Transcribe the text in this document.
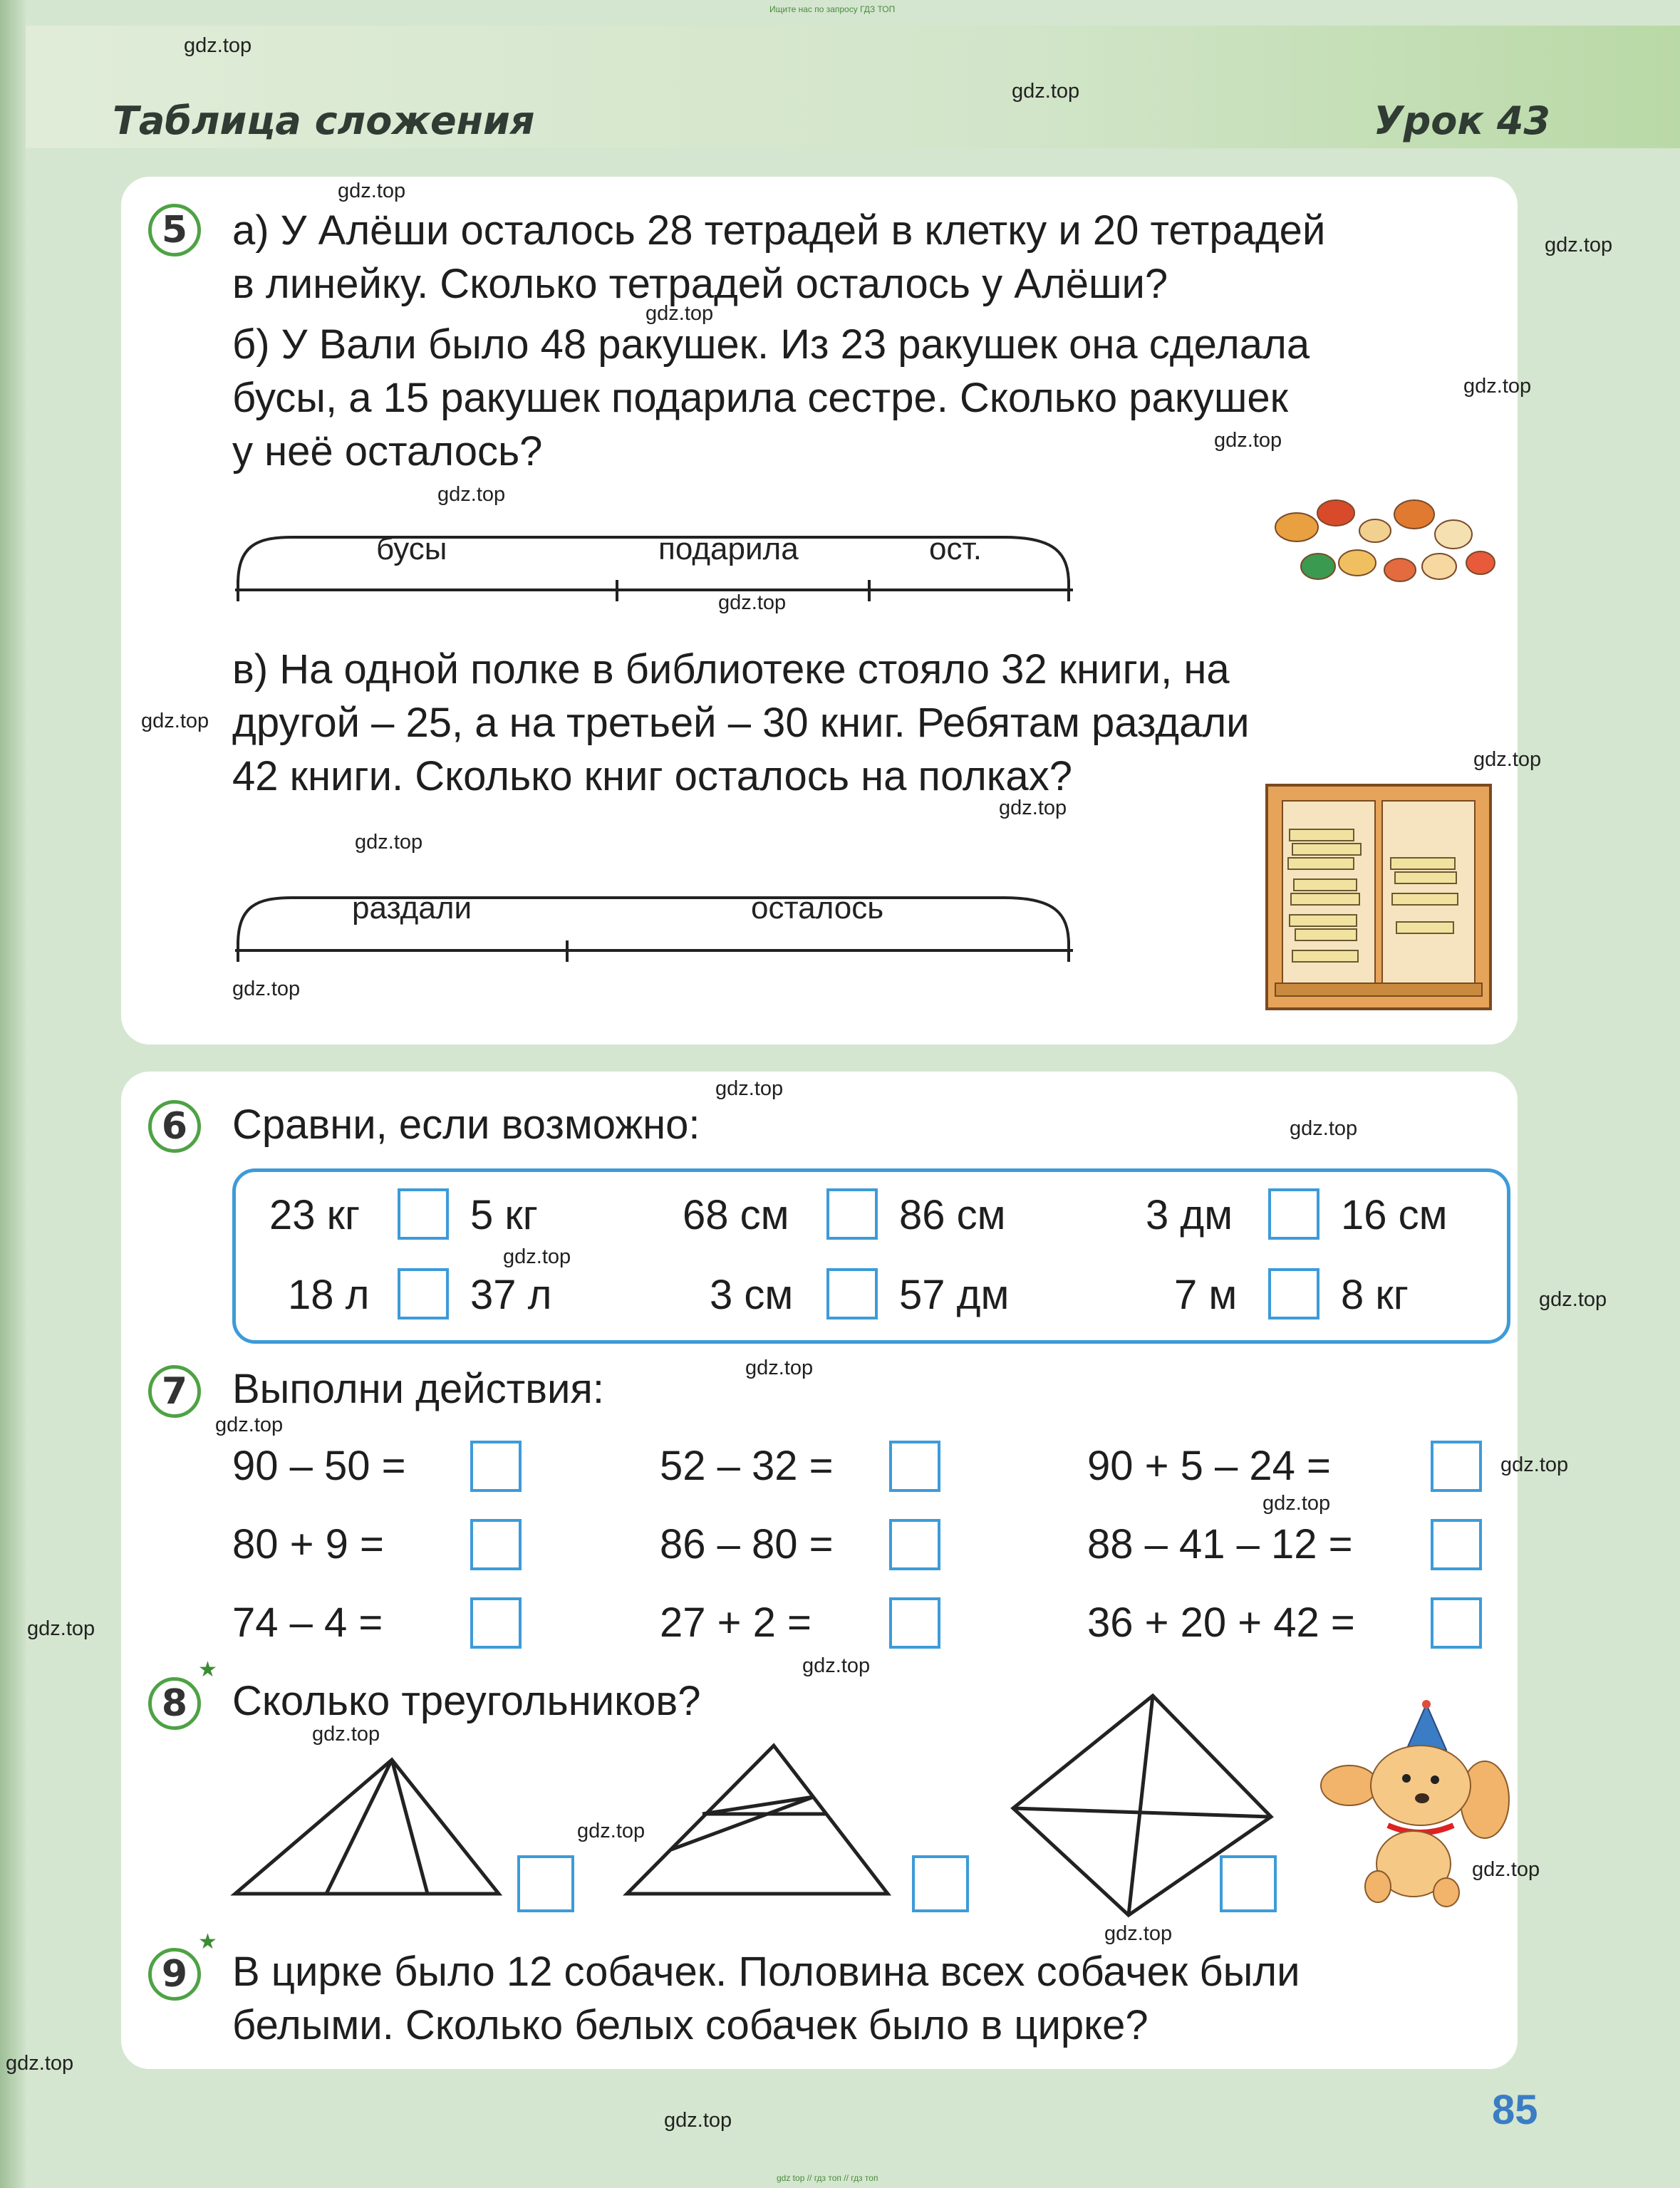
Ищите нас по запросу ГДЗ ТОП
Таблица сложения	Урок 43
5	а) У Алёши осталось 28 тетрадей в клетку и 20 тетрадей
в линейку. Сколько тетрадей осталось у Алёши?
б) У Вали было 48 ракушек. Из 23 ракушек она сделала
бусы, а 15 ракушек подарила сестре. Сколько ракушек
у неё осталось?
бусы	подарила	ост.
в) На одной полке в библиотеке стояло 32 книги, на
другой – 25, а на третьей – 30 книг. Ребятам раздали
42 книги. Сколько книг осталось на полках?
раздали	осталось
6	Сравни, если возможно:
23 кг	5 кг	68 см	86 см	3 дм	16 см
18 л 37 л	3 см	57 дм	7 м	8 кг
7	Выполни действия:
90 – 50 =	52 – 32 =	90 + 5 – 24 =
80 + 9 =	86 – 80 =	88 – 41 – 12 =
74 – 4 =	27 + 2 =	36 + 20 + 42 =
★
8	Сколько треугольников?
★
9	В цирке было 12 собачек. Половина всех собачек были
белыми. Сколько белых собачек было в цирке?
gdz.top
gdz.top
gdz.top
gdz.top
gdz.top
gdz.top
gdz.top
gdz.top
gdz.top
gdz.top
gdz.top
gdz.top
gdz.top
gdz.top
gdz.top
gdz.top
gdz.top
gdz.top
gdz.top
gdz.top
gdz.top
gdz.top
gdz.top
gdz.top
gdz.top
gdz.top
gdz.top
gdz.top
gdz.top
gdz.top	85
gdz top // гдз топ // гдз топ
